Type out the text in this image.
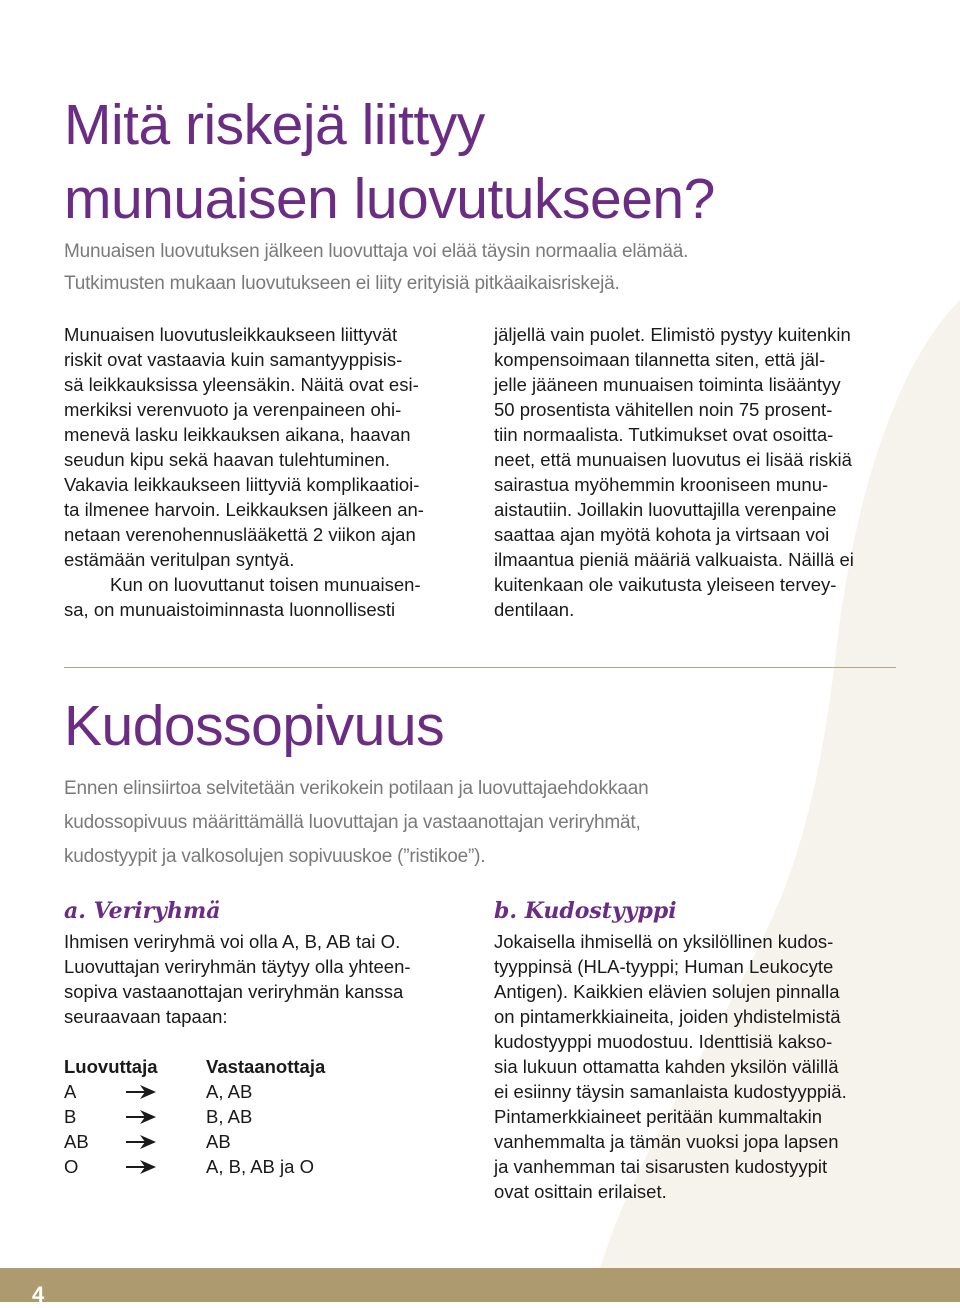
Mitä riskejä liittyy
munuaisen luovutukseen?
Munuaisen luovutuksen jälkeen luovuttaja voi elää täysin normaalia elämää.
Tutkimusten mukaan luovutukseen ei liity erityisiä pitkäaikaisriskejä.
Munuaisen luovutusleikkaukseen liittyvät
riskit ovat vastaavia kuin samantyyppisis-
sä leikkauksissa yleensäkin. Näitä ovat esi-
merkiksi verenvuoto ja verenpaineen ohi-
menevä lasku leikkauksen aikana, haavan
seudun kipu sekä haavan tulehtuminen.
Vakavia leikkaukseen liittyviä komplikaatioi-
ta ilmenee harvoin. Leikkauksen jälkeen an-
netaan verenohennuslääkettä 2 viikon ajan
estämään veritulpan syntyä.
Kun on luovuttanut toisen munuaisen-
sa, on munuaistoiminnasta luonnollisesti
jäljellä vain puolet. Elimistö pystyy kuitenkin
kompensoimaan tilannetta siten, että jäl-
jelle jääneen munuaisen toiminta lisääntyy
50 prosentista vähitellen noin 75 prosent-
tiin normaalista. Tutkimukset ovat osoitta-
neet, että munuaisen luovutus ei lisää riskiä
sairastua myöhemmin krooniseen munu-
aistautiin. Joillakin luovuttajilla verenpaine
saattaa ajan myötä kohota ja virtsaan voi
ilmaantua pieniä määriä valkuaista. Näillä ei
kuitenkaan ole vaikutusta yleiseen tervey-
dentilaan.
Kudossopivuus
Ennen elinsiirtoa selvitetään verikokein potilaan ja luovuttajaehdokkaan
kudossopivuus määrittämällä luovuttajan ja vastaanottajan veriryhmät,
kudostyypit ja valkosolujen sopivuuskoe (”ristikoe”).
a. Veriryhmä	b. Kudostyyppi
Ihmisen veriryhmä voi olla A, B, AB tai O.
Luovuttajan veriryhmän täytyy olla yhteen-
sopiva vastaanottajan veriryhmän kanssa
seuraavaan tapaan:
Luovuttaja	Vastaanottaja
A	A, AB
B	B, AB
AB	AB
O	A, B, AB ja O
Jokaisella ihmisellä on yksilöllinen kudos-
tyyppinsä (HLA-tyyppi; Human Leukocyte
Antigen). Kaikkien elävien solujen pinnalla
on pintamerkkiaineita, joiden yhdistelmistä
kudostyyppi muodostuu. Identtisiä kakso-
sia lukuun ottamatta kahden yksilön välillä
ei esiinny täysin samanlaista kudostyyppiä.
Pintamerkkiaineet peritään kummaltakin
vanhemmalta ja tämän vuoksi jopa lapsen
ja vanhemman tai sisarusten kudostyypit
ovat osittain erilaiset.
4
